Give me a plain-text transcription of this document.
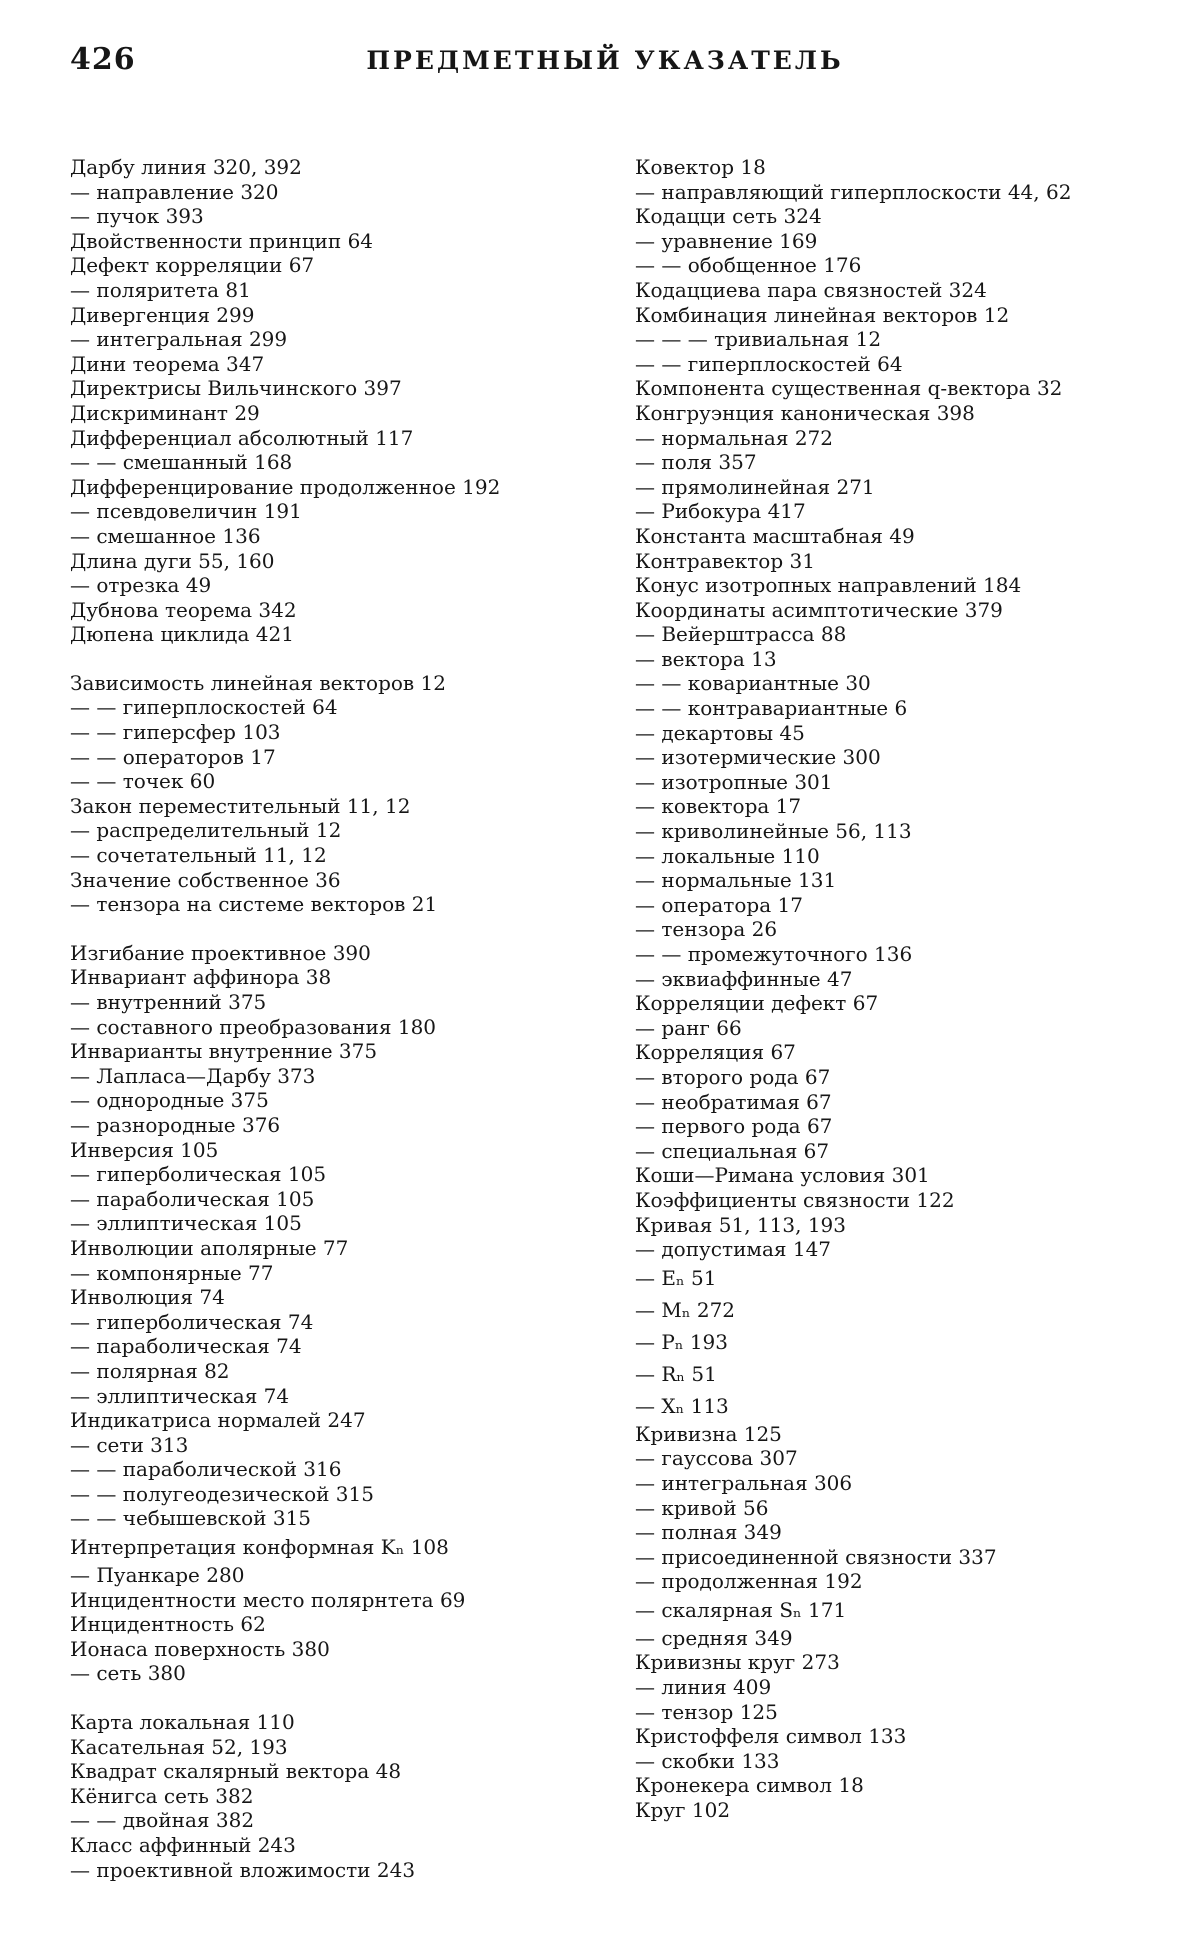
426	ПРЕДМЕТНЫЙ УКАЗАТЕЛЬ
Дарбу линия 320, 392
— направление 320
— пучок 393
Двойственности принцип 64
Дефект корреляции 67
— поляритета 81
Дивергенция 299
— интегральная 299
Дини теорема 347
Директрисы Вильчинского 397
Дискриминант 29
Дифференциал абсолютный 117
— — смешанный 168
Дифференцирование продолженное 192
— псевдовеличин 191
— смешанное 136
Длина дуги 55, 160
— отрезка 49
Дубнова теорема 342
Дюпена циклида 421
Зависимость линейная векторов 12
— — гиперплоскостей 64
— — гиперсфер 103
— — операторов 17
— — точек 60
Закон переместительный 11, 12
— распределительный 12
— сочетательный 11, 12
Значение собственное 36
— тензора на системе векторов 21
Изгибание проективное 390
Инвариант аффинора 38
— внутренний 375
— составного преобразования 180
Инварианты внутренние 375
— Лапласа—Дарбу 373
— однородные 375
— разнородные 376
Инверсия 105
— гиперболическая 105
— параболическая 105
— эллиптическая 105
Инволюции аполярные 77
— компонярные 77
Инволюция 74
— гиперболическая 74
— параболическая 74
— полярная 82
— эллиптическая 74
Индикатриса нормалей 247
— сети 313
— — параболической 316
— — полугеодезической 315
— — чебышевской 315
Интерпретация конформная Kₙ 108
— Пуанкаре 280
Инцидентности место полярнтета 69
Инцидентность 62
Ионаса поверхность 380
— сеть 380
Карта локальная 110
Касательная 52, 193
Квадрат скалярный вектора 48
Кёнигса сеть 382
— — двойная 382
Класс аффинный 243
— проективной вложимости 243
Ковектор 18
— направляющий гиперплоскости 44, 62
Кодацци сеть 324
— уравнение 169
— — обобщенное 176
Кодацциева пара связностей 324
Комбинация линейная векторов 12
— — — тривиальная 12
— — гиперплоскостей 64
Компонента существенная q-вектора 32
Конгруэнция каноническая 398
— нормальная 272
— поля 357
— прямолинейная 271
— Рибокура 417
Константа масштабная 49
Контравектор 31
Конус изотропных направлений 184
Координаты асимптотические 379
— Вейерштрасса 88
— вектора 13
— — ковариантные 30
— — контравариантные 6
— декартовы 45
— изотермические 300
— изотропные 301
— ковектора 17
— криволинейные 56, 113
— локальные 110
— нормальные 131
— оператора 17
— тензора 26
— — промежуточного 136
— эквиаффинные 47
Корреляции дефект 67
— ранг 66
Корреляция 67
— второго рода 67
— необратимая 67
— первого рода 67
— специальная 67
Коши—Римана условия 301
Коэффициенты связности 122
Кривая 51, 113, 193
— допустимая 147
— Eₙ 51
— Mₙ 272
— Pₙ 193
— Rₙ 51
— Xₙ 113
Кривизна 125
— гауссова 307
— интегральная 306
— кривой 56
— полная 349
— присоединенной связности 337
— продолженная 192
— скалярная Sₙ 171
— средняя 349
Кривизны круг 273
— линия 409
— тензор 125
Кристоффеля символ 133
— скобки 133
Кронекера символ 18
Круг 102
